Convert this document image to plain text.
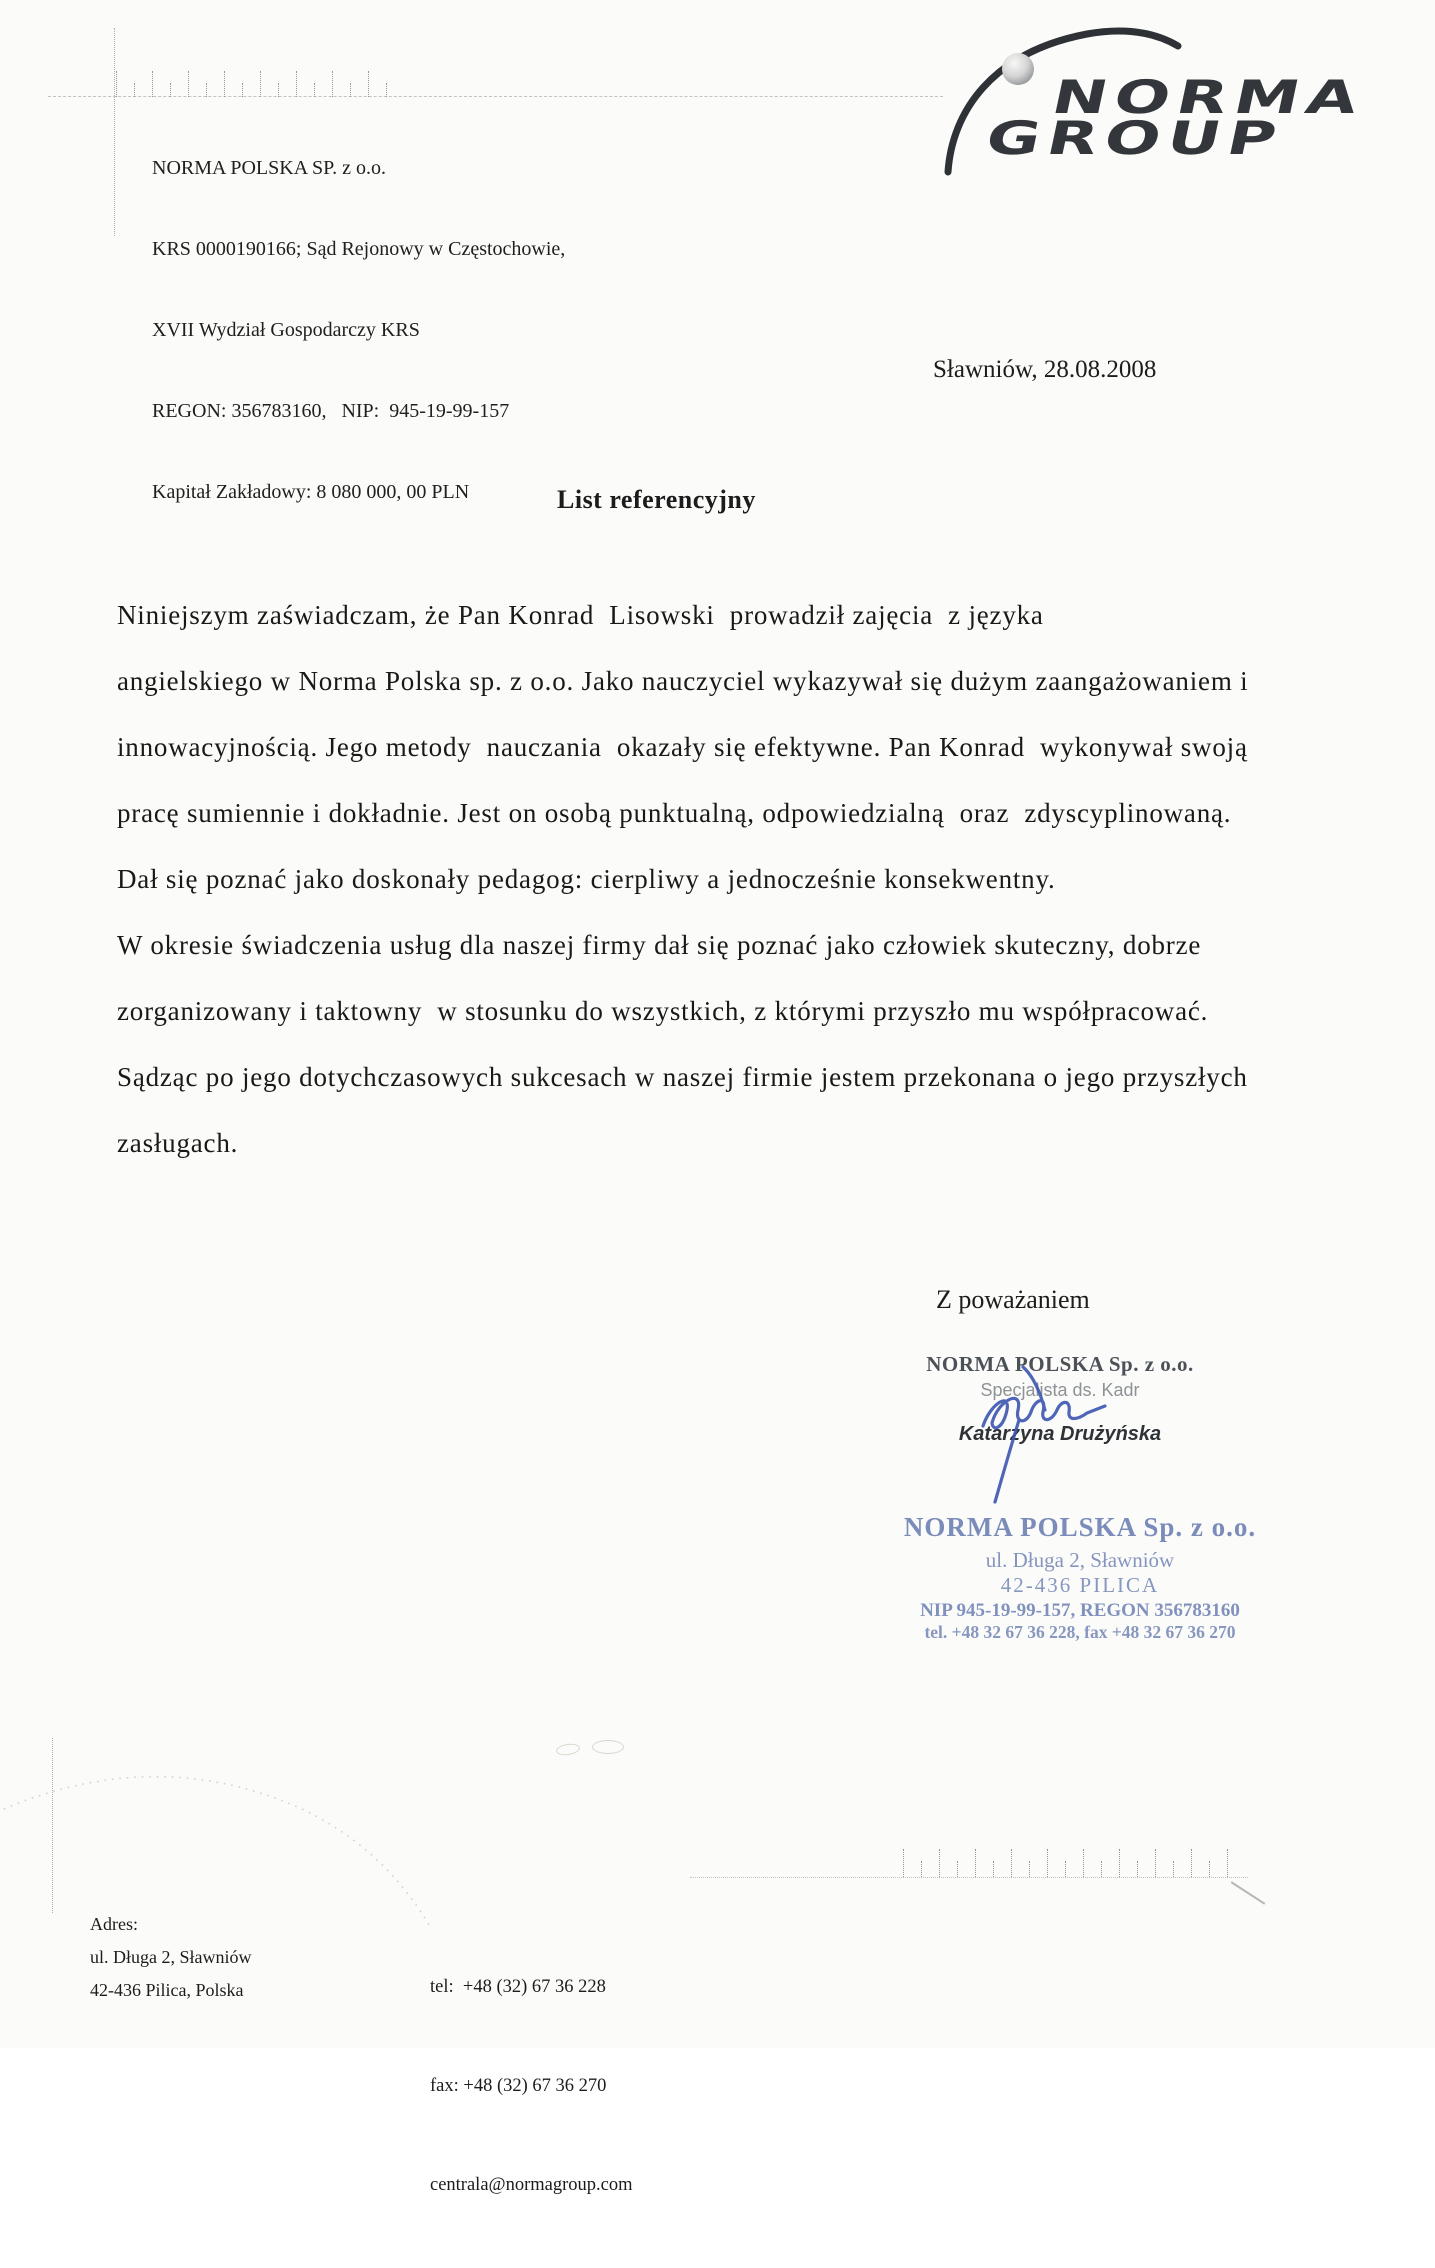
NORMA POLSKA SP. z o.o.

KRS 0000190166; Sąd Rejonowy w Częstochowie,

XVII Wydział Gospodarczy KRS

REGON: 356783160,   NIP:  945-19-99-157

Kapitał Zakładowy: 8 080 000, 00 PLN

NORMA
GROUP
Sławniów, 28.08.2008
List referencyjny
Niniejszym zaświadczam, że Pan Konrad  Lisowski  prowadził zajęcia  z języka
angielskiego w Norma Polska sp. z o.o. Jako nauczyciel wykazywał się dużym zaangażowaniem i
innowacyjnością. Jego metody  nauczania  okazały się efektywne. Pan Konrad  wykonywał swoją
pracę sumiennie i dokładnie. Jest on osobą punktualną, odpowiedzialną  oraz  zdyscyplinowaną.
Dał się poznać jako doskonały pedagog: cierpliwy a jednocześnie konsekwentny.
W okresie świadczenia usług dla naszej firmy dał się poznać jako człowiek skuteczny, dobrze
zorganizowany i taktowny  w stosunku do wszystkich, z którymi przyszło mu współpracować.
Sądząc po jego dotychczasowych sukcesach w naszej firmie jestem przekonana o jego przyszłych
zasługach.
Z poważaniem
NORMA POLSKA Sp. z o.o.
Specjalista ds. Kadr
Katarzyna Drużyńska
NORMA POLSKA Sp. z o.o.
ul. Długa 2, Sławniów
42-436 PILICA
NIP 945-19-99-157, REGON 356783160
tel. +48 32 67 36 228, fax +48 32 67 36 270
Adres:
ul. Długa 2, Sławniów
42-436 Pilica, Polska

	tel:  +48 (32) 67 36 228

fax: +48 (32) 67 36 270

centrala@normagroup.com
